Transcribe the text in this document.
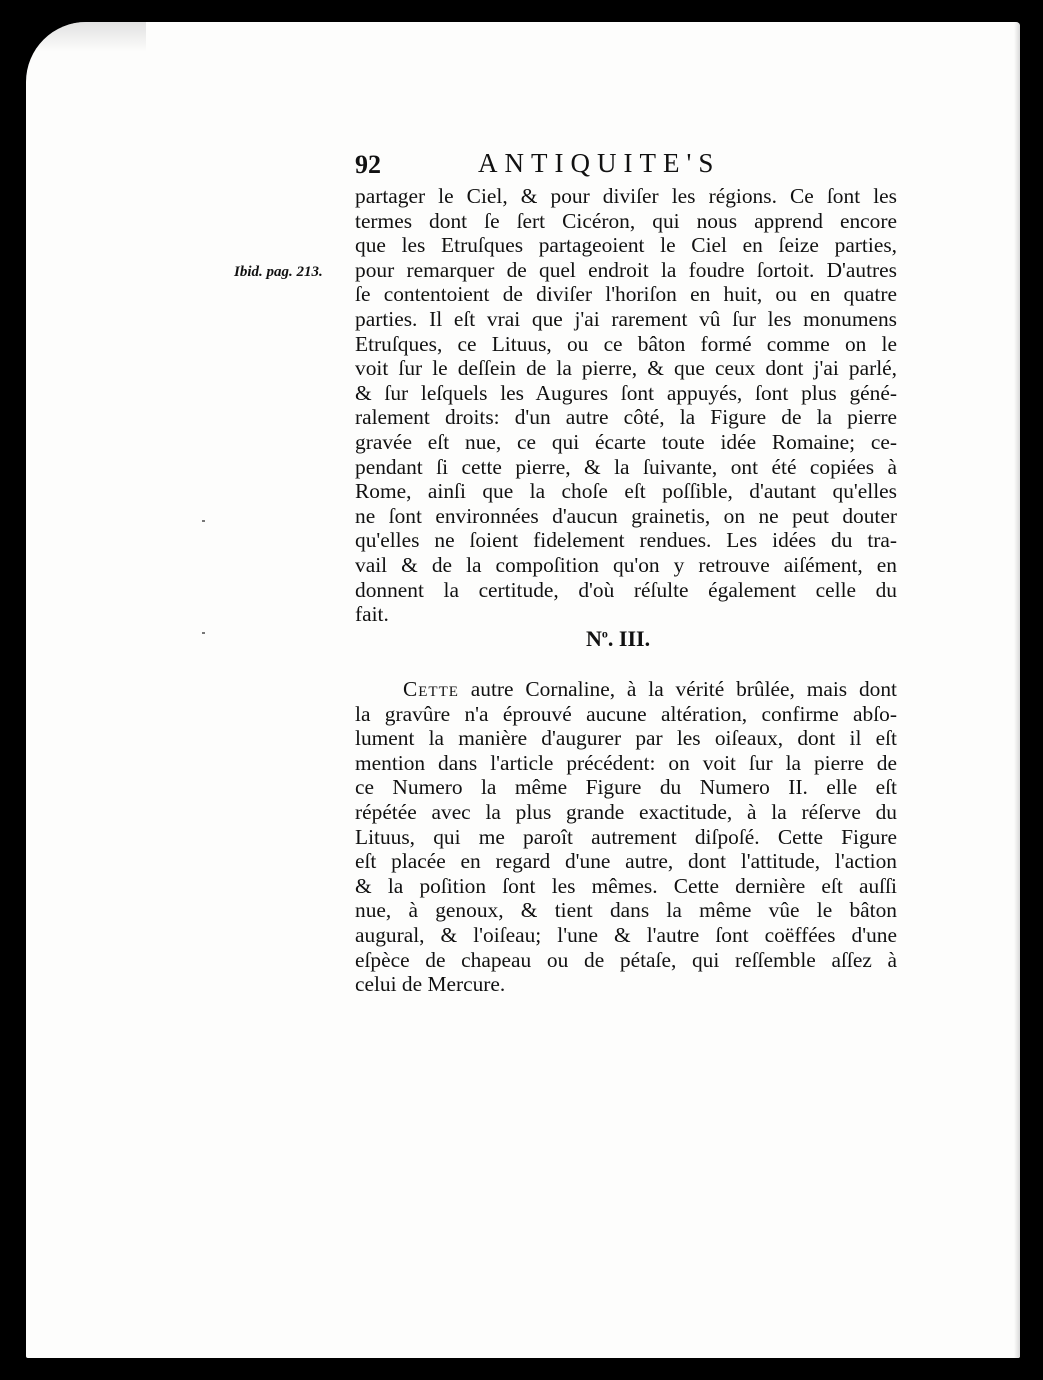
92	ANTIQUITE'S
Ibid. pag. 213.
partager le Ciel, & pour diviſer les régions. Ce ſont les
termes dont ſe ſert Cicéron, qui nous apprend encore
que les Etruſques partageoient le Ciel en ſeize parties,
pour remarquer de quel endroit la foudre ſortoit. D'autres
ſe contentoient de diviſer l'horiſon en huit, ou en quatre
parties. Il eſt vrai que j'ai rarement vû ſur les monumens
Etruſques, ce Lituus, ou ce bâton formé comme on le
voit ſur le deſſein de la pierre, & que ceux dont j'ai parlé,
& ſur leſquels les Augures ſont appuyés, ſont plus géné-
ralement droits: d'un autre côté, la Figure de la pierre
gravée eſt nue, ce qui écarte toute idée Romaine; ce-
pendant ſi cette pierre, & la ſuivante, ont été copiées à
Rome, ainſi que la choſe eſt poſſible, d'autant qu'elles
ne ſont environnées d'aucun grainetis, on ne peut douter
qu'elles ne ſoient fidelement rendues. Les idées du tra-
vail & de la compoſition qu'on y retrouve aiſément, en
donnent la certitude, d'où réſulte également celle du
fait.
$N^o$. III.
Cette autre Cornaline, à la vérité brûlée, mais dont
la gravûre n'a éprouvé aucune altération, confirme abſo-
lument la manière d'augurer par les oiſeaux, dont il eſt
mention dans l'article précédent: on voit ſur la pierre de
ce Numero la même Figure du Numero II. elle eſt
répétée avec la plus grande exactitude, à la réſerve du
Lituus, qui me paroît autrement diſpoſé. Cette Figure
eſt placée en regard d'une autre, dont l'attitude, l'action
& la poſition ſont les mêmes. Cette dernière eſt auſſi
nue, à genoux, & tient dans la même vûe le bâton
augural, & l'oiſeau; l'une & l'autre ſont coëffées d'une
eſpèce de chapeau ou de pétaſe, qui reſſemble aſſez à
celui de Mercure.
